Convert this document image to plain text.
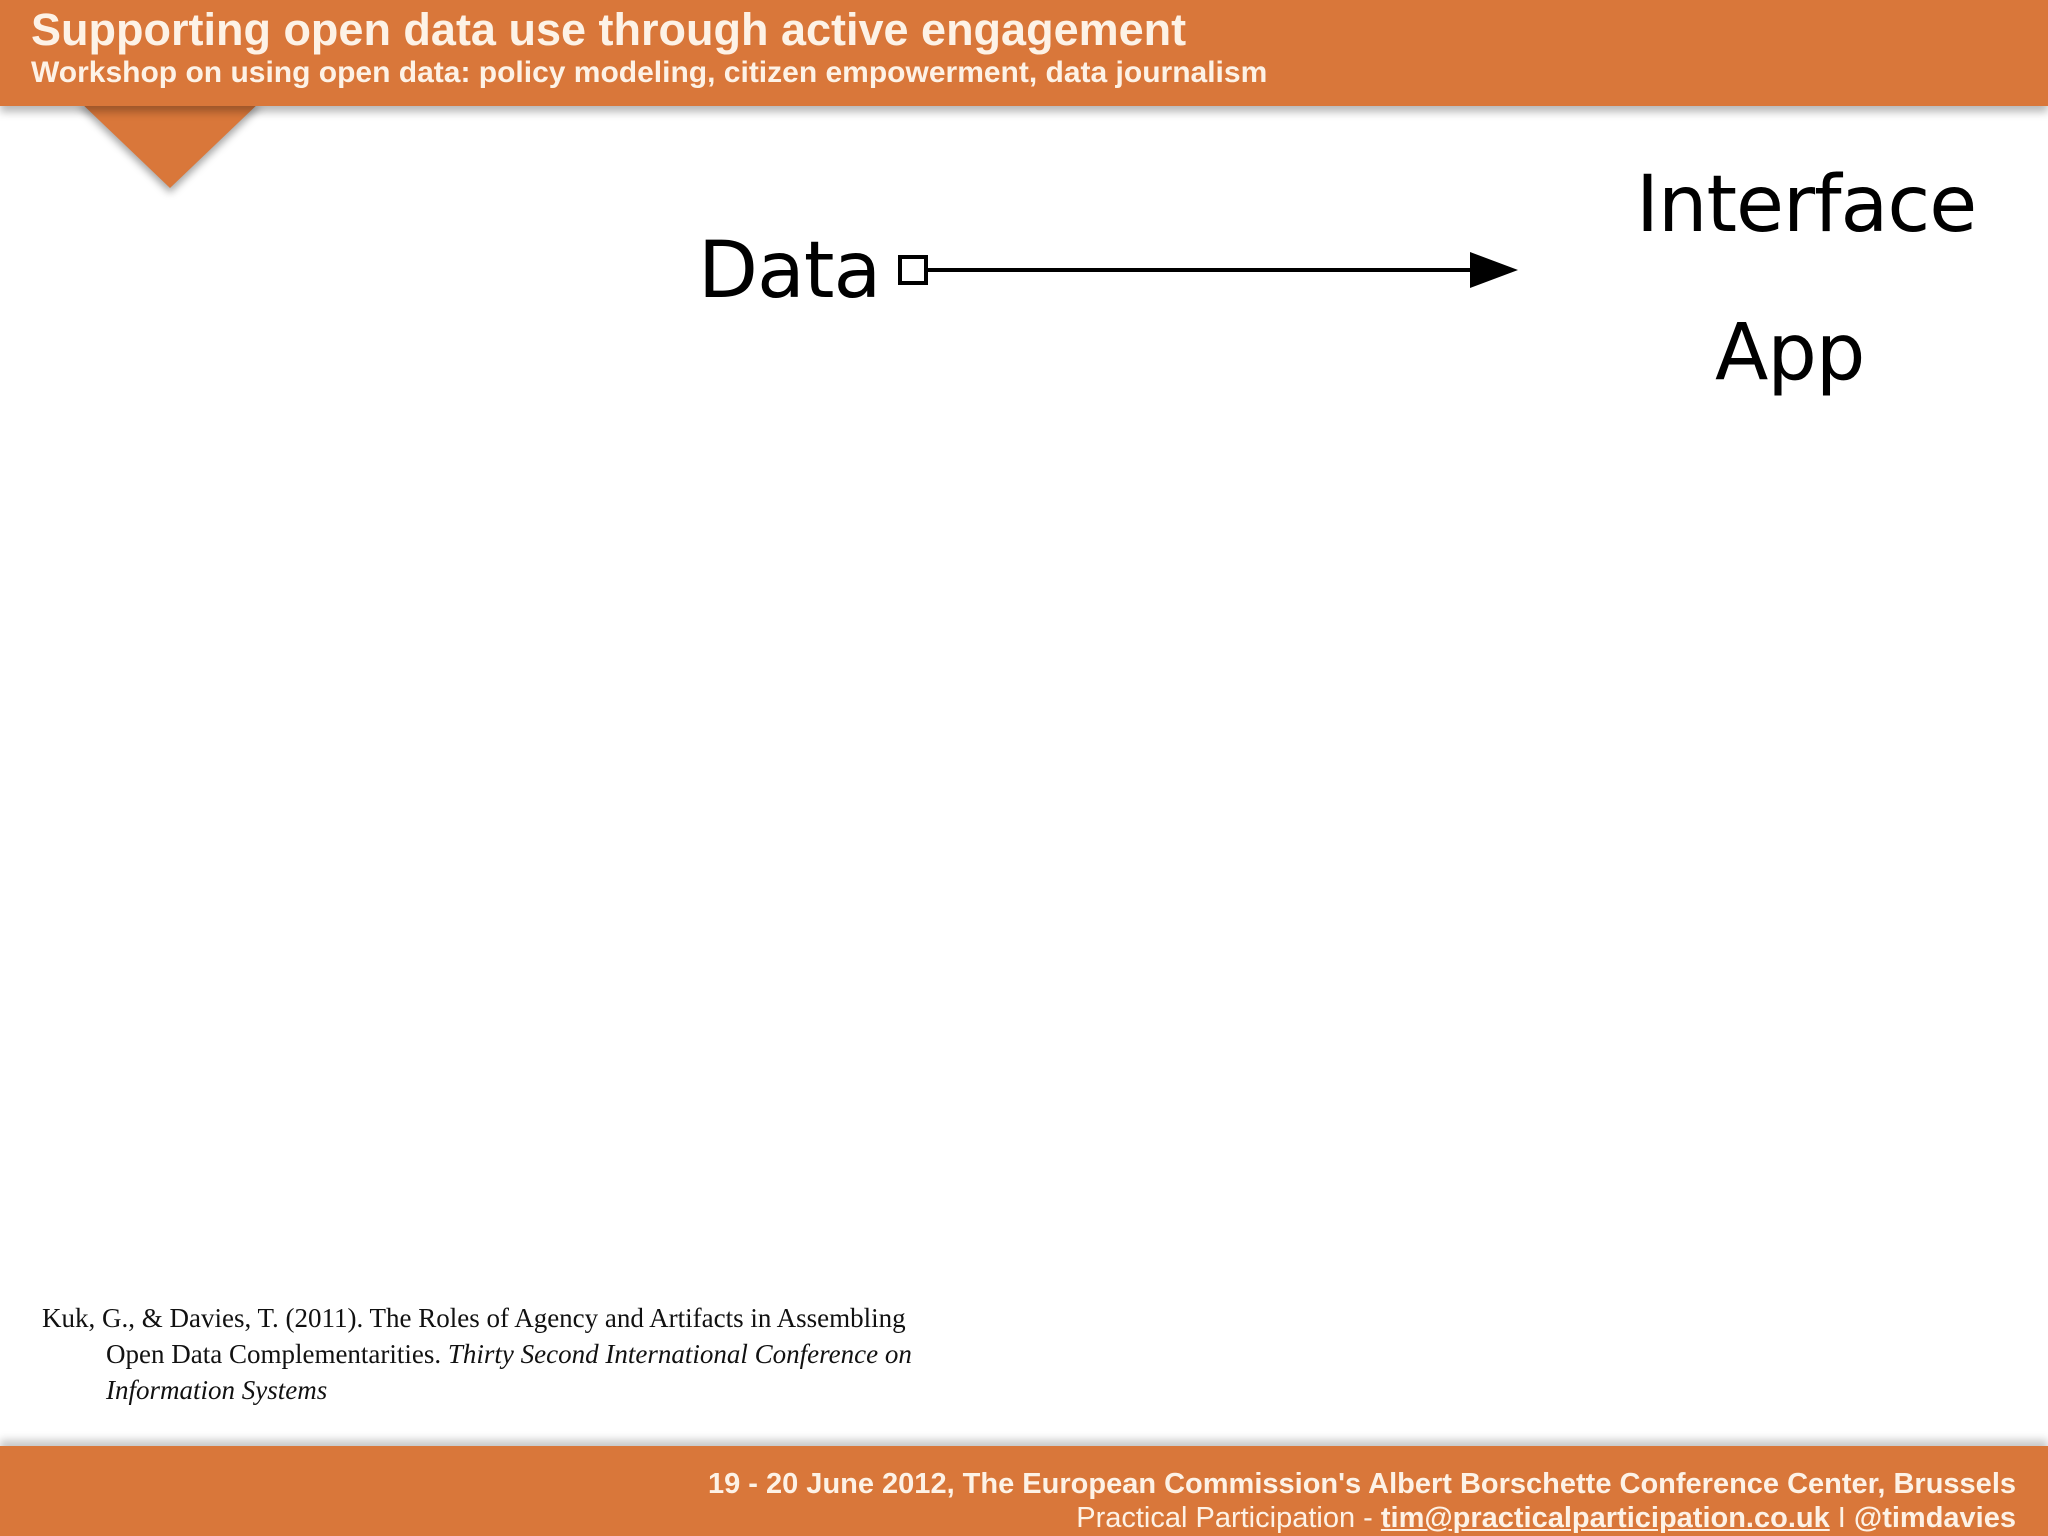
Supporting open data use through active engagement
Workshop on using open data: policy modeling, citizen empowerment, data journalism
Data
Interface
App
Kuk, G., & Davies, T. (2011). The Roles of Agency and Artifacts in Assembling
Open Data Complementarities. Thirty Second International Conference on
Information Systems
19 - 20 June 2012, The European Commission's Albert Borschette Conference Center, Brussels
Practical Participation - tim@practicalparticipation.co.uk I @timdavies
